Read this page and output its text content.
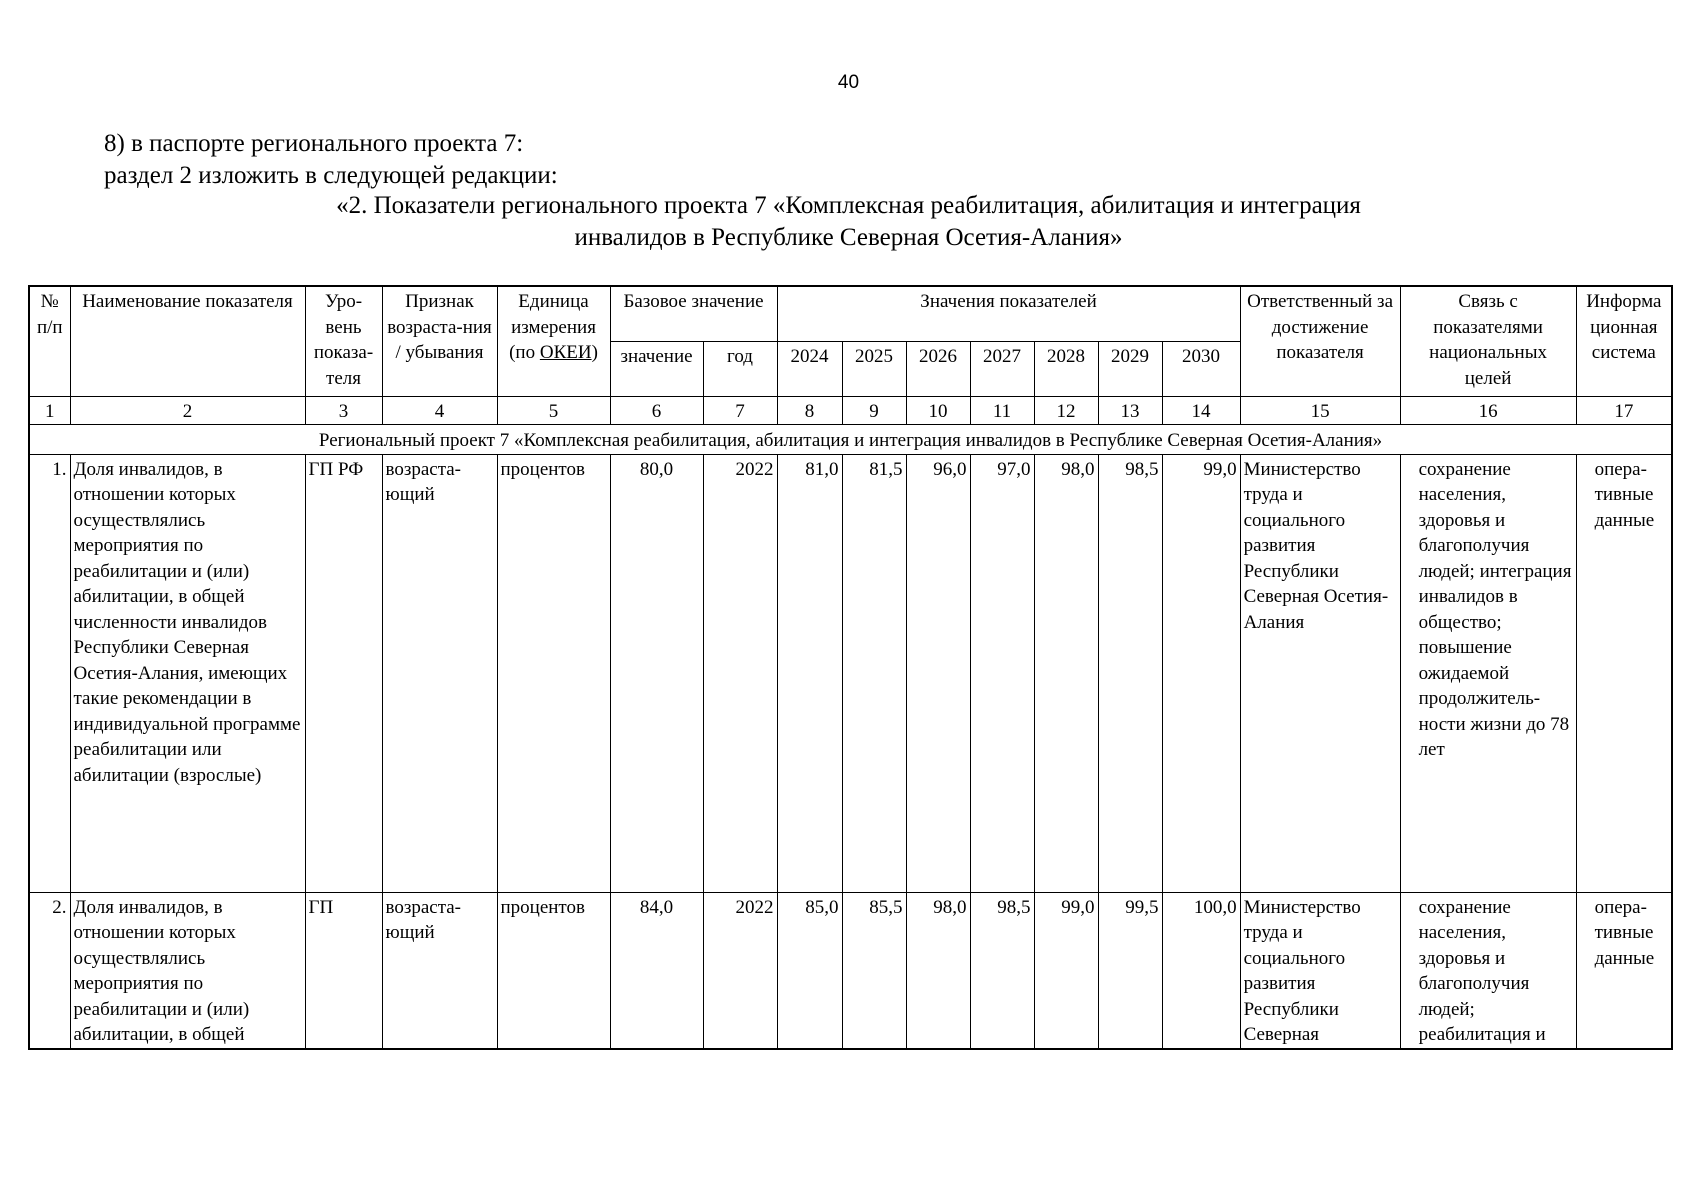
40
8) в паспорте регионального проекта 7:
раздел 2 изложить в следующей редакции:
«2. Показатели регионального проекта 7 «Комплексная реабилитация, абилитация и интеграция
инвалидов в Республике Северная Осетия-Алания»
№ п/п	Наименование показателя	Уро-вень показа-теля	Признак возраста-ния / убывания	Единица измерения (по ОКЕИ)	Базовое значение		Значения показателей							Ответственный за достижение показателя	Связь с показателями национальных целей	Информа ционная система
					значение	год	2024	2025	2026	2027	2028	2029	2030			
1	2	3	4	5	6	7	8	9	10	11	12	13	14	15	16	17
Региональный проект 7 «Комплексная реабилитация, абилитация и интеграция инвалидов в Республике Северная Осетия-Алания»																
1.	Доля инвалидов, в отношении которых осуществлялись мероприятия по реабилитации и (или) абилитации, в общей численности инвалидов Республики Северная Осетия-Алания, имеющих такие рекомендации в индивидуальной программе реабилитации или абилитации (взрослые)	ГП РФ	возраста-ющий	процентов	80,0	2022	81,0	81,5	96,0	97,0	98,0	98,5	99,0	Министерство труда и социального развития Республики Северная Осетия-Алания	сохранение населения, здоровья и благополучия людей; интеграция инвалидов в общество; повышение ожидаемой продолжитель-ности жизни до 78 лет	опера-тивные данные
2.	Доля инвалидов, в отношении которых осуществлялись мероприятия по реабилитации и (или) абилитации, в общей	ГП	возраста-ющий	процентов	84,0	2022	85,0	85,5	98,0	98,5	99,0	99,5	100,0	Министерство труда и социального развития Республики Северная	сохранение населения, здоровья и благополучия людей; реабилитация и	опера-тивные данные
